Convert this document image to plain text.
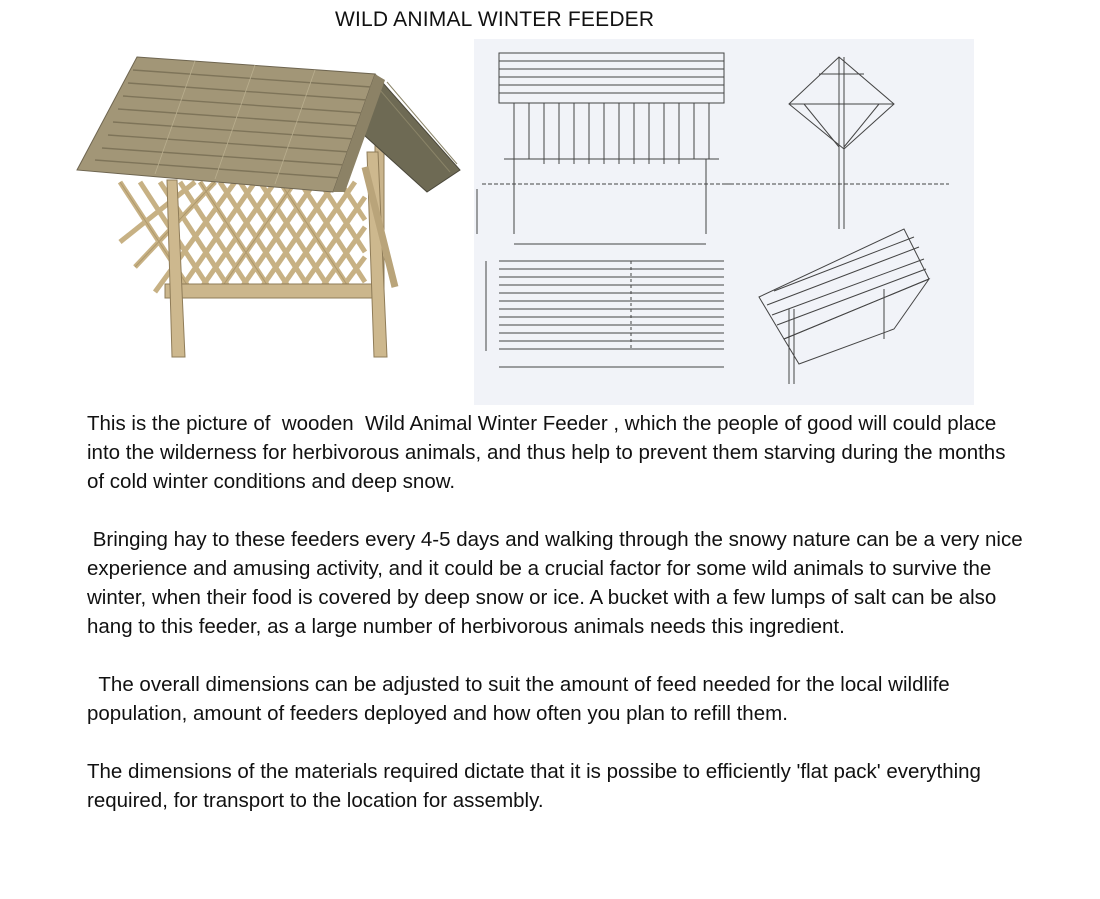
WILD ANIMAL WINTER FEEDER

This is the picture of  wooden  Wild Animal Winter Feeder , which the people of good will could place into the wilderness for herbivorous animals, and thus help to prevent them starving during the months of cold winter conditions and deep snow.

Bringing hay to these feeders every 4-5 days and walking through the snowy nature can be a very nice experience and amusing activity, and it could be a crucial factor for some wild animals to survive the winter, when their food is covered by deep snow or ice. A bucket with a few lumps of salt can be also hang to this feeder, as a large number of herbivorous animals needs this ingredient.

The overall dimensions can be adjusted to suit the amount of feed needed for the local wildlife population, amount of feeders deployed and how often you plan to refill them.

The dimensions of the materials required dictate that it is possibe to efficiently 'flat pack' everything required, for transport to the location for assembly.
